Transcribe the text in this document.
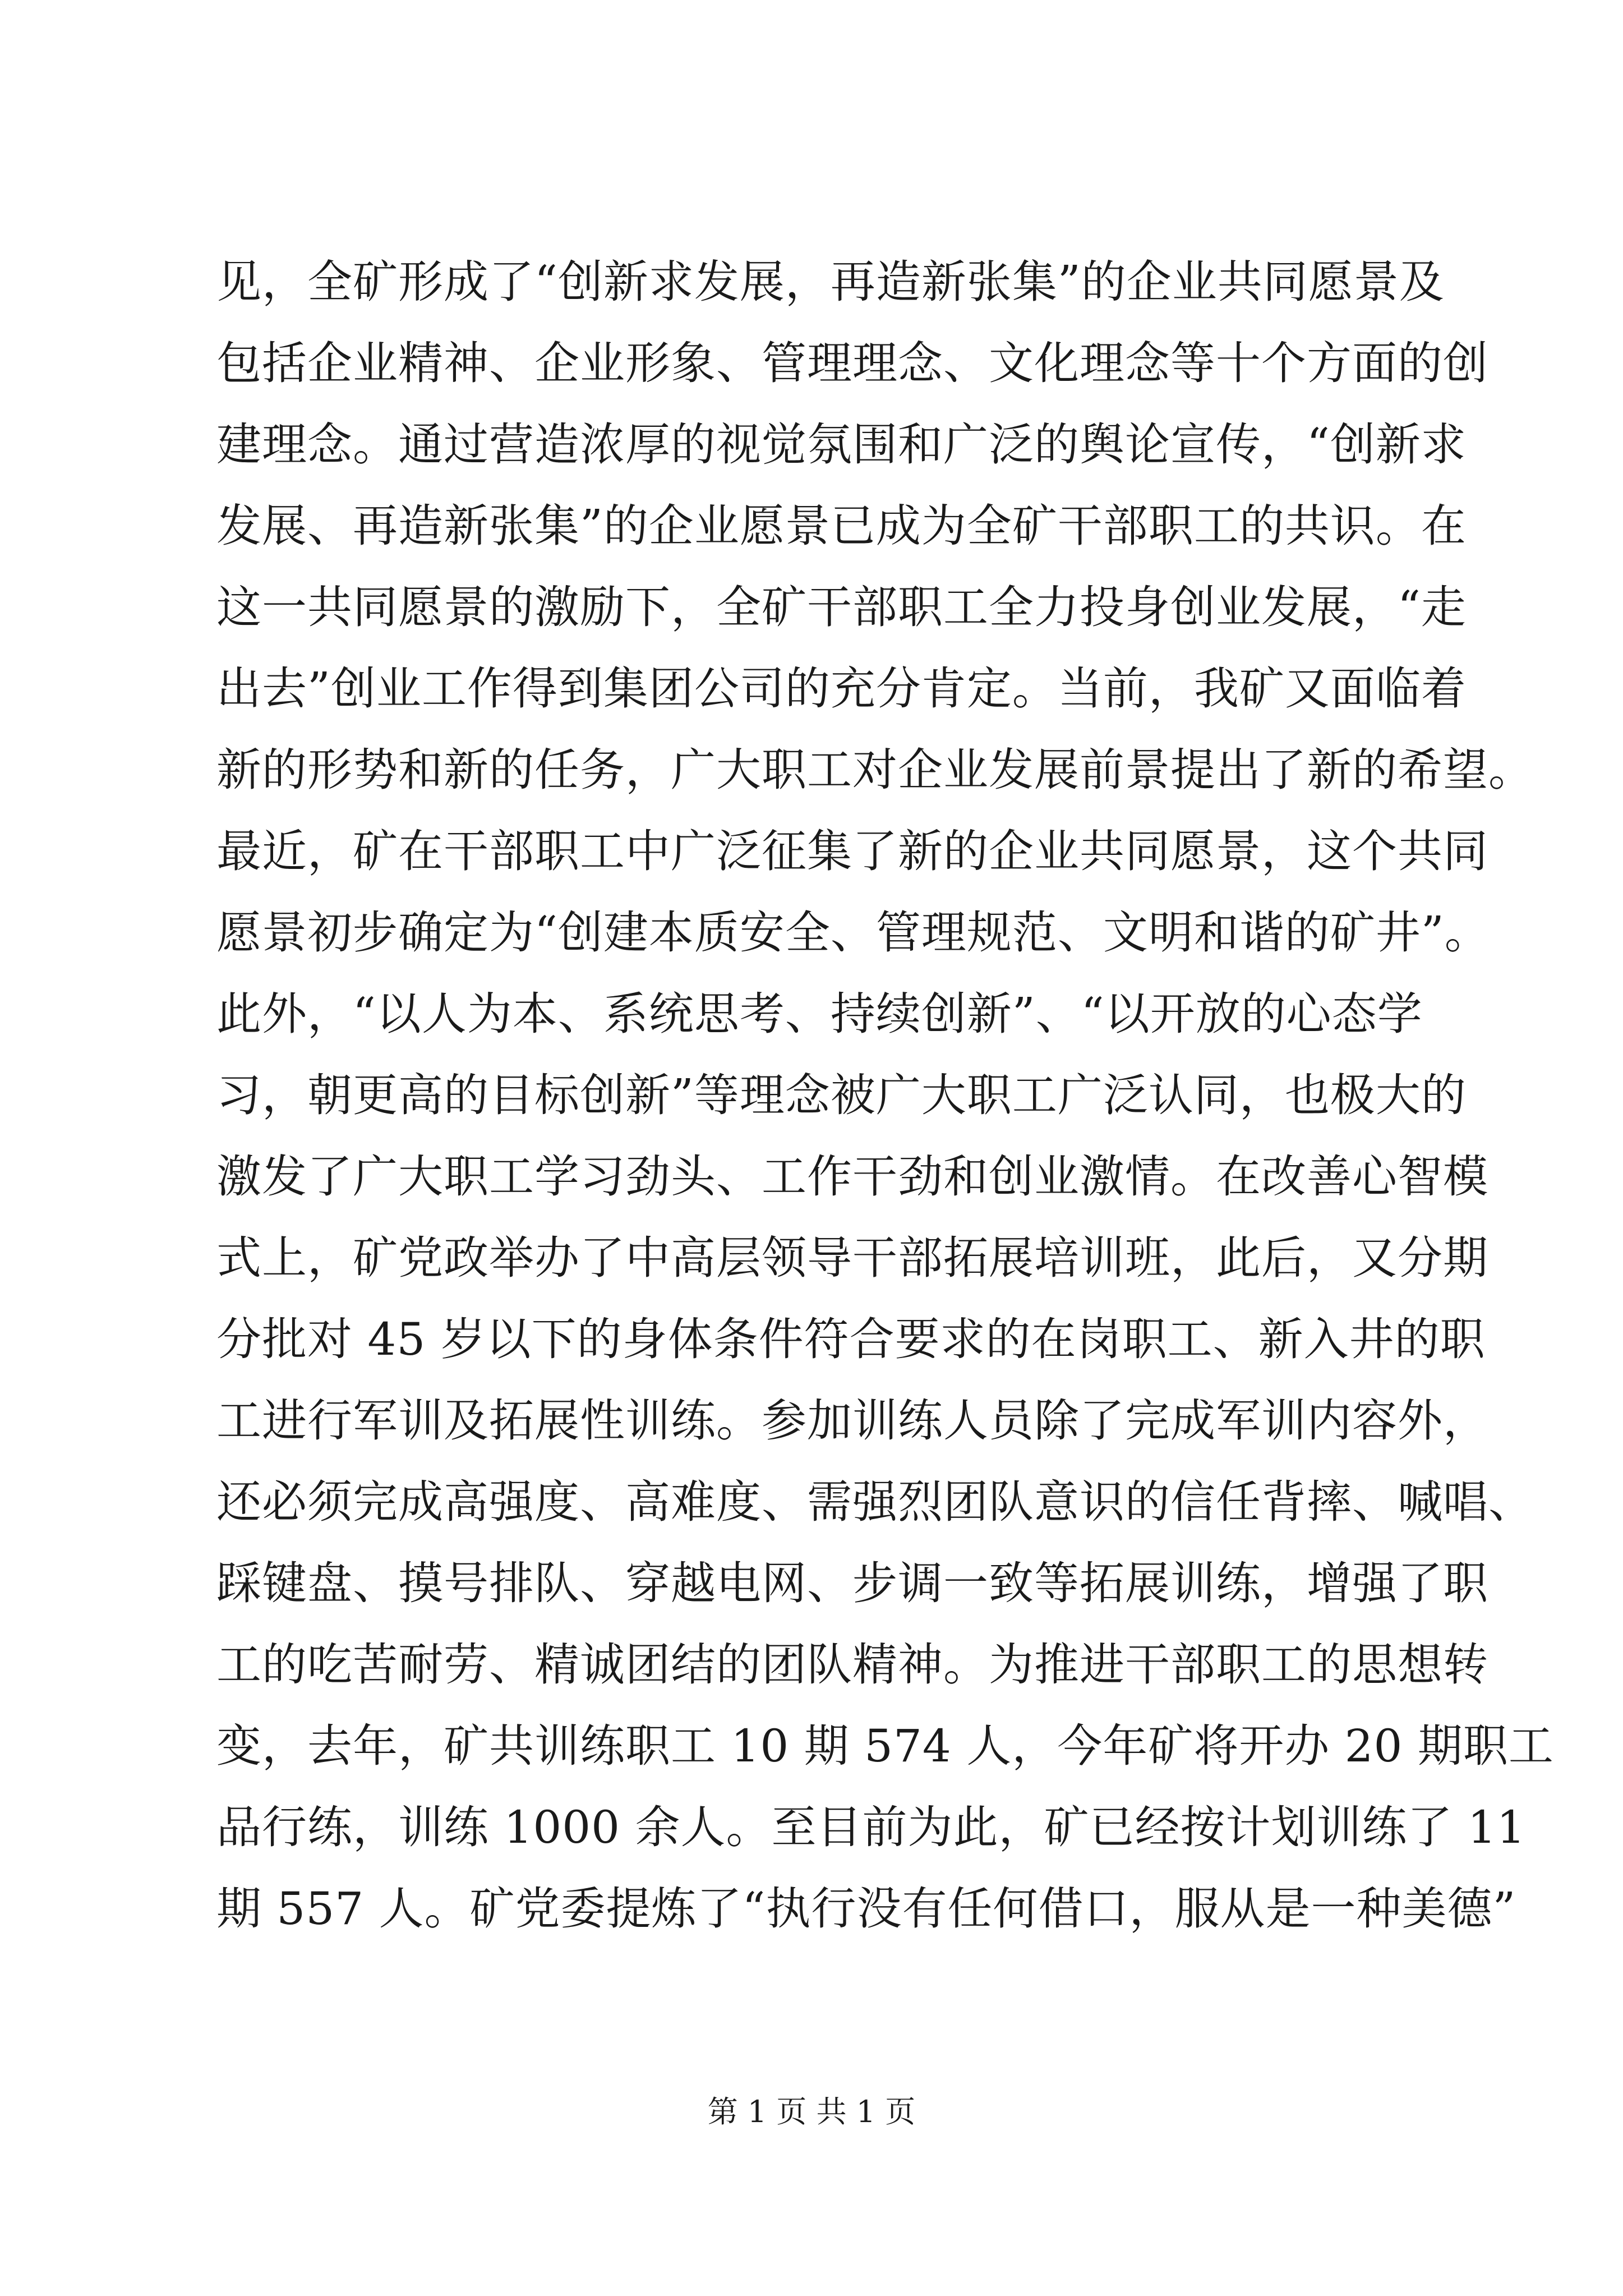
见，全矿形成了“创新求发展，再造新张集”的企业共同愿景及
包括企业精神、企业形象、管理理念、文化理念等十个方面的创
建理念。通过营造浓厚的视觉氛围和广泛的舆论宣传，“创新求
发展、再造新张集”的企业愿景已成为全矿干部职工的共识。在
这一共同愿景的激励下，全矿干部职工全力投身创业发展，“走
出去”创业工作得到集团公司的充分肯定。当前，我矿又面临着
新的形势和新的任务，广大职工对企业发展前景提出了新的希望。
最近，矿在干部职工中广泛征集了新的企业共同愿景，这个共同
愿景初步确定为“创建本质安全、管理规范、文明和谐的矿井”。
此外，“以人为本、系统思考、持续创新”、“以开放的心态学
习，朝更高的目标创新”等理念被广大职工广泛认同，也极大的
激发了广大职工学习劲头、工作干劲和创业激情。在改善心智模
式上，矿党政举办了中高层领导干部拓展培训班，此后，又分期
分批对 45 岁以下的身体条件符合要求的在岗职工、新入井的职
工进行军训及拓展性训练。参加训练人员除了完成军训内容外，
还必须完成高强度、高难度、需强烈团队意识的信任背摔、喊唱、
踩键盘、摸号排队、穿越电网、步调一致等拓展训练，增强了职
工的吃苦耐劳、精诚团结的团队精神。为推进干部职工的思想转
变，去年，矿共训练职工 10 期 574 人，今年矿将开办 20 期职工
品行练，训练 1000 余人。至目前为此，矿已经按计划训练了 11
期 557 人。矿党委提炼了“执行没有任何借口，服从是一种美德”
第 1 页 共 1 页
